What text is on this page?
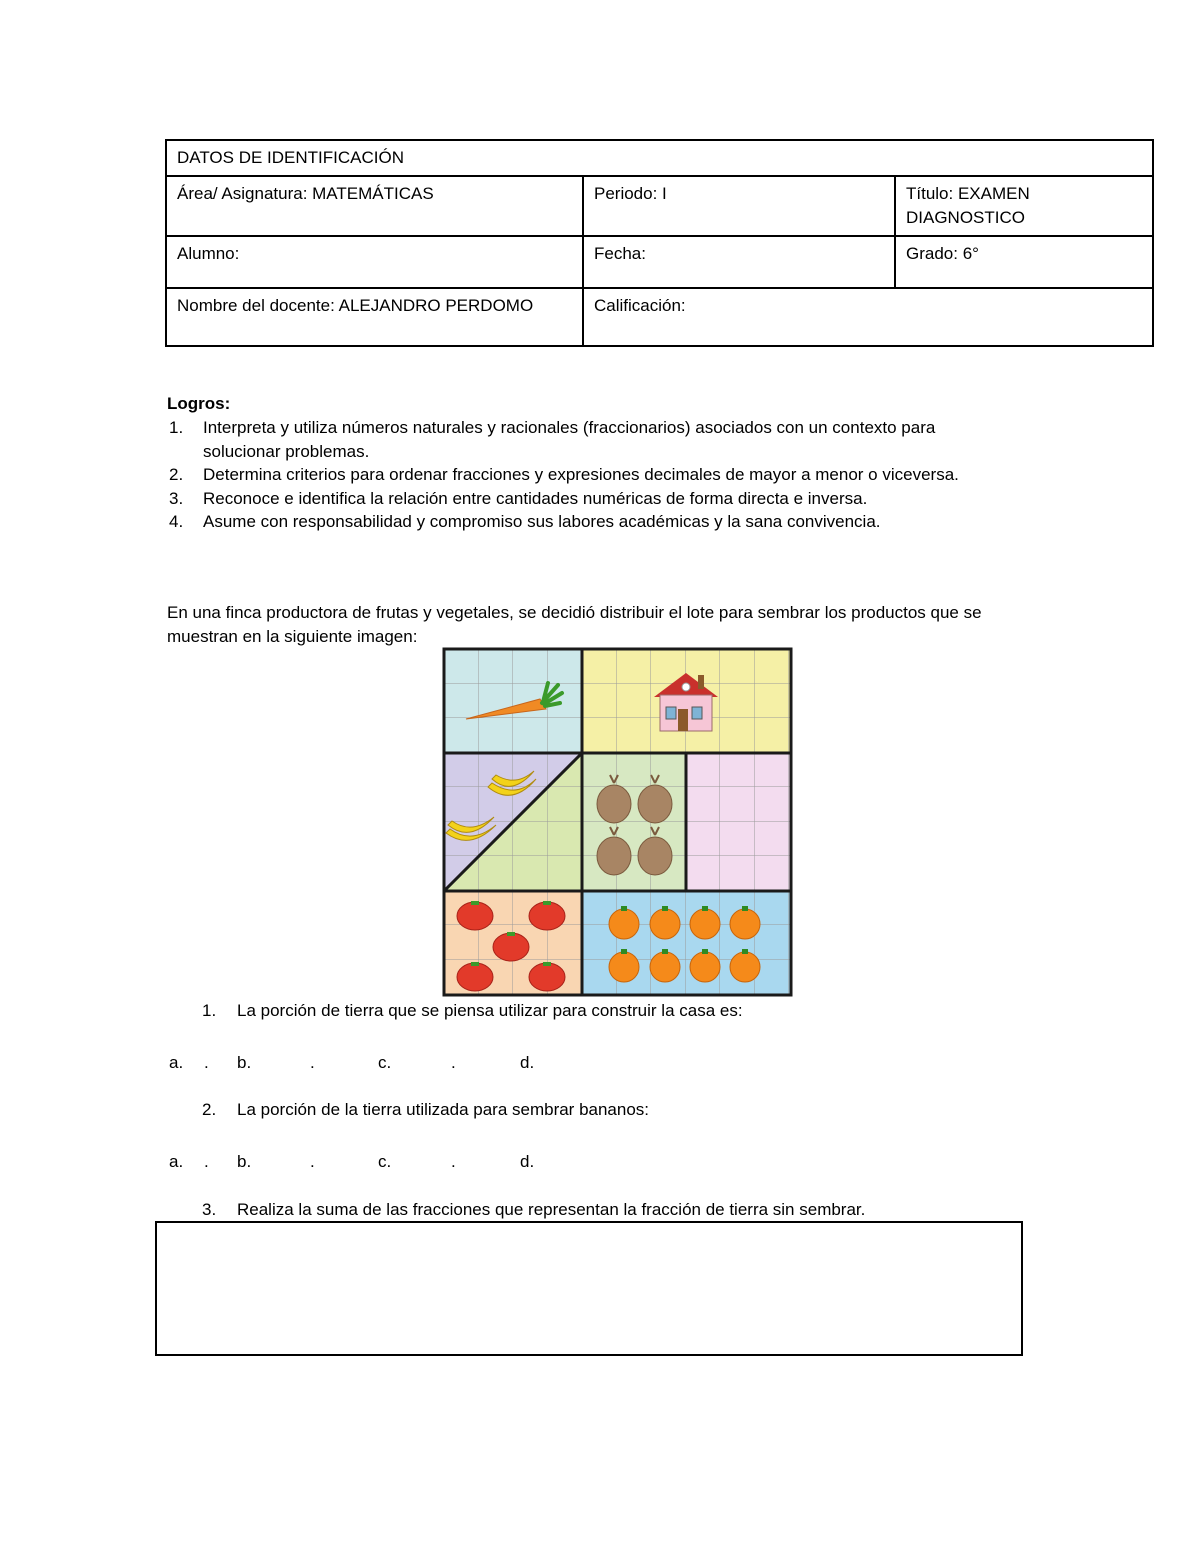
DATOS DE IDENTIFICACIÓN		
Área/ Asignatura: MATEMÁTICAS	Periodo: I	Título: EXAMEN DIAGNOSTICO
Alumno:	Fecha:	Grado: 6°
Nombre del docente: ALEJANDRO PERDOMO	Calificación:	
Logros:
1. Interpreta y utiliza números naturales y racionales (fraccionarios) asociados con un contexto para solucionar problemas.
2. Determina criterios para ordenar fracciones y expresiones decimales de mayor a menor o viceversa.
3. Reconoce e identifica la relación entre cantidades numéricas de forma directa e inversa.
4. Asume con responsabilidad y compromiso sus labores académicas y la sana convivencia.
En una finca productora de frutas y vegetales, se decidió distribuir el lote para sembrar los productos que se muestran en la siguiente imagen:
1. La porción de tierra que se piensa utilizar para construir la casa es:
a. . b.	.	c.	.	d.
2. La porción de la tierra utilizada para sembrar bananos:
a. . b.	.	c.	.	d.
3. Realiza la suma de las fracciones que representan la fracción de tierra sin sembrar.
